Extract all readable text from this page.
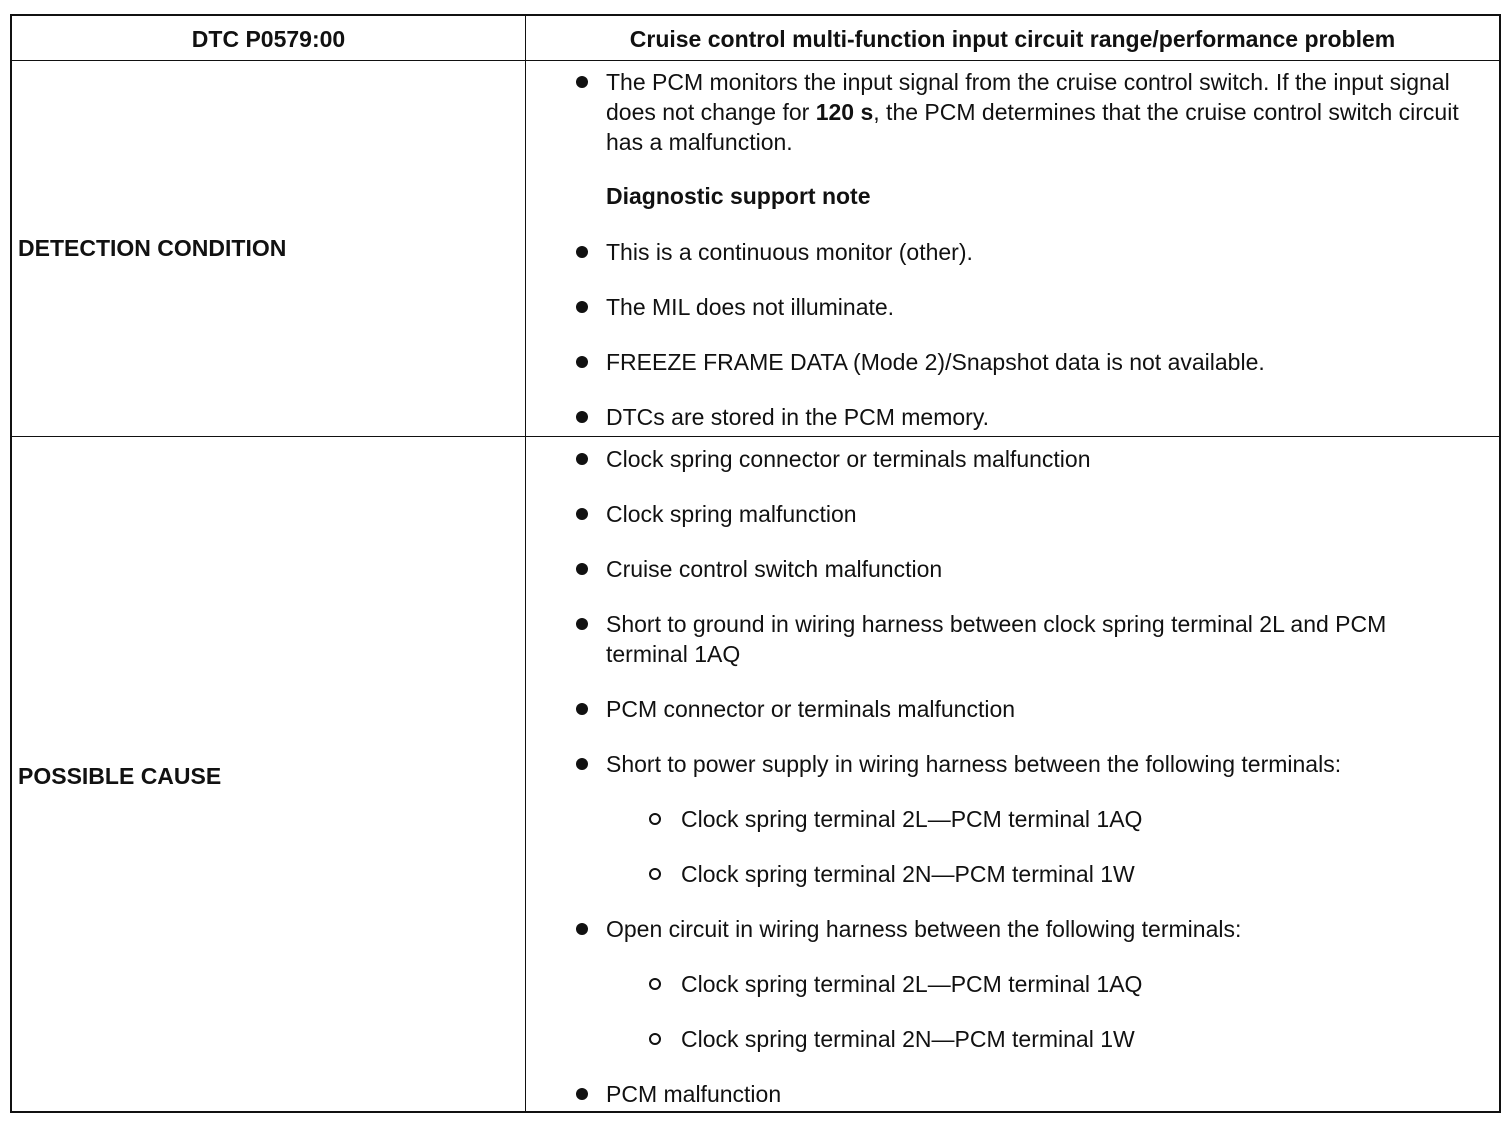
DTC P0579:00	Cruise control multi-function input circuit range/performance problem
DETECTION CONDITION
The PCM monitors the input signal from the cruise control switch. If the input signal does not change for 120 s, the PCM determines that the cruise control switch circuit has a malfunction.
Diagnostic support note
This is a continuous monitor (other).
The MIL does not illuminate.
FREEZE FRAME DATA (Mode 2)/Snapshot data is not available.
DTCs are stored in the PCM memory.
POSSIBLE CAUSE
Clock spring connector or terminals malfunction
Clock spring malfunction
Cruise control switch malfunction
Short to ground in wiring harness between clock spring terminal 2L and PCM terminal 1AQ
PCM connector or terminals malfunction
Short to power supply in wiring harness between the following terminals:
Clock spring terminal 2L—PCM terminal 1AQ
Clock spring terminal 2N—PCM terminal 1W
Open circuit in wiring harness between the following terminals:
Clock spring terminal 2L—PCM terminal 1AQ
Clock spring terminal 2N—PCM terminal 1W
PCM malfunction
